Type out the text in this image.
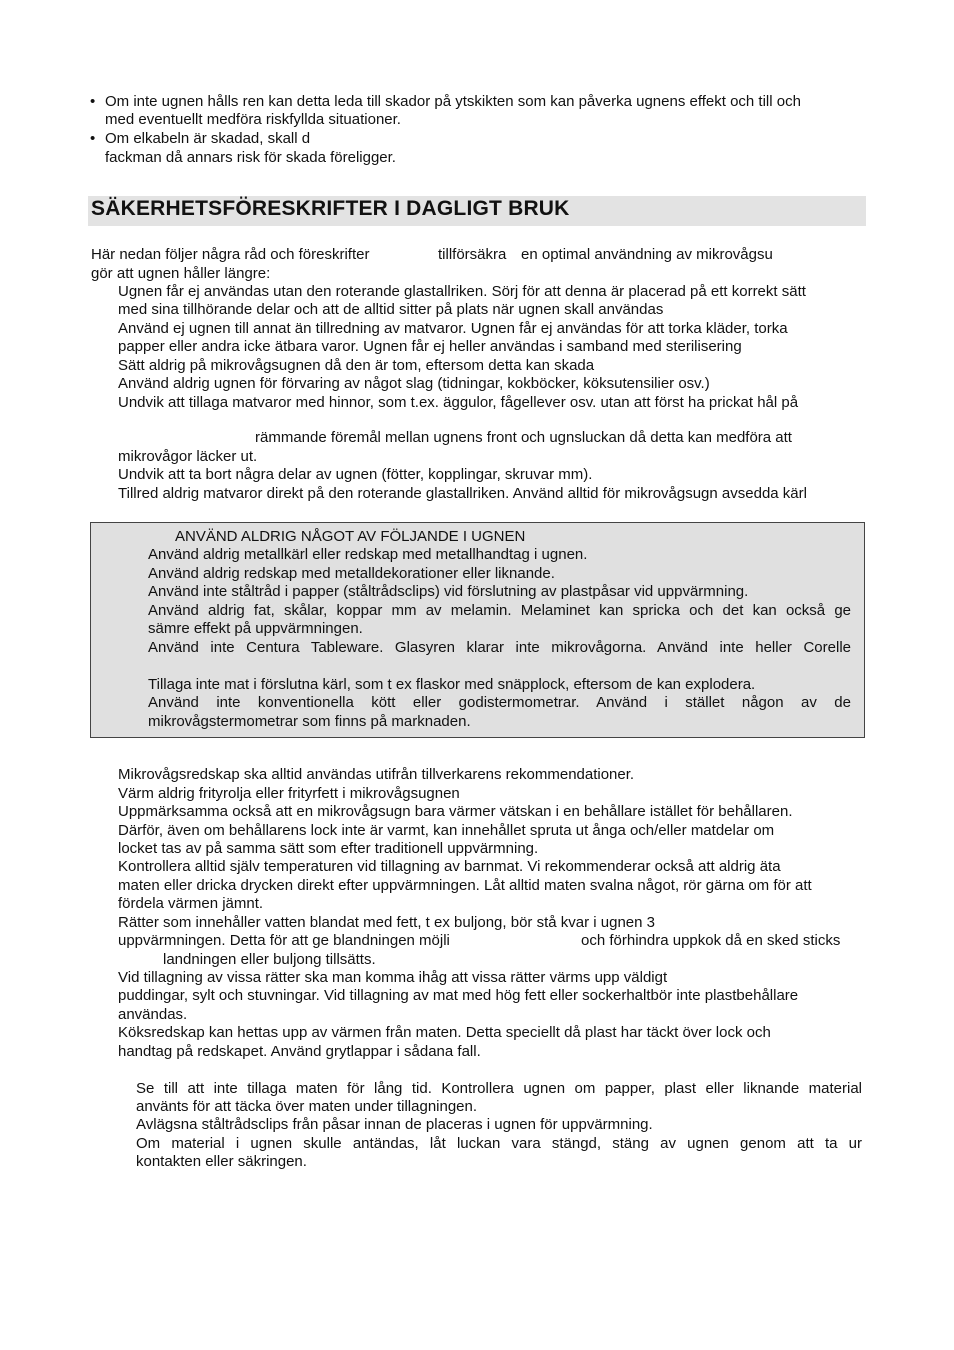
• Om inte ugnen hålls ren kan detta leda till skador på ytskikten som kan påverka ugnens effekt och till och
med eventuellt medföra riskfyllda situationer.
• Om elkabeln är skadad, skall d
fackman då annars risk för skada föreligger.
SÄKERHETSFÖRESKRIFTER I DAGLIGT BRUK
Här nedan följer några råd och föreskrifter	tillförsäkra en optimal användning av mikrovågsu
gör att ugnen håller längre:
Ugnen får ej användas utan den roterande glastallriken. Sörj för att denna är placerad på ett korrekt sätt
med sina tillhörande delar och att de alltid sitter på plats när ugnen skall användas
Använd ej ugnen till annat än tillredning av matvaror. Ugnen får ej användas för att torka kläder, torka
papper eller andra icke ätbara varor. Ugnen får ej heller användas i samband med sterilisering
Sätt aldrig på mikrovågsugnen då den är tom, eftersom detta kan skada
Använd aldrig ugnen för förvaring av något slag (tidningar, kokböcker, köksutensilier osv.)
Undvik att tillaga matvaror med hinnor, som t.ex. äggulor, fågellever osv. utan att först ha prickat hål på
rämmande föremål mellan ugnens front och ugnsluckan då detta kan medföra att
mikrovågor läcker ut.
Undvik att ta bort några delar av ugnen (fötter, kopplingar, skruvar mm).
Tillred aldrig matvaror direkt på den roterande glastallriken. Använd alltid för mikrovågsugn avsedda kärl
ANVÄND ALDRIG NÅGOT AV FÖLJANDE I UGNEN
Använd aldrig metallkärl eller redskap med metallhandtag i ugnen.
Använd aldrig redskap med metalldekorationer eller liknande.
Använd inte ståltråd i papper (ståltrådsclips) vid förslutning av plastpåsar vid uppvärmning.
Använd aldrig fat, skålar, koppar mm av melamin. Melaminet kan spricka och det kan också ge
sämre effekt på uppvärmningen.
Använd inte Centura Tableware. Glasyren klarar inte mikrovågorna. Använd inte heller Corelle
Tillaga inte mat i förslutna kärl, som t ex flaskor med snäpplock, eftersom de kan explodera.
Använd inte konventionella kött eller godistermometrar. Använd i stället någon av de
mikrovågstermometrar som finns på marknaden.
Mikrovågsredskap ska alltid användas utifrån tillverkarens rekommendationer.
Värm aldrig frityrolja eller frityrfett i mikrovågsugnen
Uppmärksamma också att en mikrovågsugn bara värmer vätskan i en behållare istället för behållaren.
Därför, även om behållarens lock inte är varmt, kan innehållet spruta ut ånga och/eller matdelar om
locket tas av på samma sätt som efter traditionell uppvärmning.
Kontrollera alltid själv temperaturen vid tillagning av barnmat. Vi rekommenderar också att aldrig äta
maten eller dricka drycken direkt efter uppvärmningen. Låt alltid maten svalna något, rör gärna om för att
fördela värmen jämnt.
Rätter som innehåller vatten blandat med fett, t ex buljong, bör stå kvar i ugnen 3
uppvärmningen. Detta för att ge blandningen möjli	och förhindra uppkok då en sked sticks
landningen eller buljong tillsätts.
Vid tillagning av vissa rätter ska man komma ihåg att vissa rätter värms upp väldigt
puddingar, sylt och stuvningar. Vid tillagning av mat med hög fett eller sockerhaltbör inte plastbehållare
användas.
Köksredskap kan hettas upp av värmen från maten. Detta speciellt då plast har täckt över lock och
handtag på redskapet. Använd grytlappar i sådana fall.
Se till att inte tillaga maten för lång tid. Kontrollera ugnen om papper, plast eller liknande material
använts för att täcka över maten under tillagningen.
Avlägsna ståltrådsclips från påsar innan de placeras i ugnen för uppvärmning.
Om material i ugnen skulle antändas, låt luckan vara stängd, stäng av ugnen genom att ta ur
kontakten eller säkringen.
